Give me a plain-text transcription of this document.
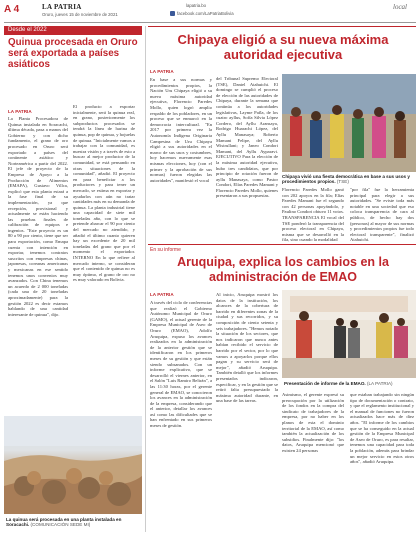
A 4	LA PATRIA
Oruro, jueves 15 de noviembre de 2021
lapatria.bo
facebook.com/LaPatriaBolivia
local
Desde el 2022
Quinua procesada en Oruro será exportada a países asiáticos
LA PATRIA
La Planta Procesadora de Quinua instalada en Soracachi, última década, pasa a manos del Gobierno y con dicho fundamento, el grano de oro procesado en Oruro será exportado a países del continente asiático y Norteamérica a partir del 2022. El jefe de proyecto de la Empresa de Apoyo a la Producción de Alimentos (EMAPA), Gustavo Villca, explicó que esta planta estará a la fase final de su implementación, ya que recepción, provisional y actualmente se están haciendo las pruebas finales de calibración de equipos e ingenios. "Este proyecto es un 80 a 90 por ciento, tiene que ser para exportación, como Emapa cuenta con intención en exportar, tenemos contratos suscritos con empresas chinas, japonesas, coreanas americanas y mexicanas en ese sentido tenemos unos convenios muy avanzados. Con China tenemos un acuerdo de 2 000 toneladas (cada una de 20 toneladas aproximadamente) para la gestión 2022 es decir estamos hablando de una cantidad interesante de quinua", dijo.
El producto a exportar inicialmente, será la quinua real, en grano, posteriormente los subproductos procesados se tendrá la línea de harina de quinua, pop de quinua, y hojuelas de quinua. "Inicialmente vamos a trabajar con la comunidad, es nuestra visión y a través de esto a buscar al mejor productor de la comunidad, se está pensando en otras situaciones de la comunidad", añadió. El proyecto en para beneficiar a los productores y para tener un mercado, se estima en exportar y ayudarlos con aún no tratar cantidades más en su demanda de quinua. La planta industrial tiene una capacidad de siete mil toneladas año, con lo que se pretende abarcar el 90 por ciento del mercado no atendido, y añadió el último cuanto quieren hay un excedente de 20 mil toneladas del grano que por el momento el exportador. INTERNO En lo que refiere al mercado interno, se consideran que el contenido de quinua no es muy óptimo, el grano de oro no es muy valorado en Bolivia.
La quinua será procesada en una planta instalada en Soracachi. (COMUNICACIÓN SEDE MI)
Chipaya eligió a su nueva máxima autoridad ejecutiva
LA PATRIA
En base a sus normas y procedimientos propios, la Nación Uru Chipaya eligió a su nueva máxima autoridad ejecutiva, Florencio Paredes Mollo, quien logró amplio respaldo de los pobladores, en un proceso que se enmarcó en la democracia intercultural. "En 2017 por primera vez la Autonomía Indígena Originaria Campesina de Uru Chipaya eligió a sus autoridades en el marco de sus usos y costumbres, hoy hacemos nuevamente esas mismas elecciones, hoy (con el primer y la aprobación de sus normas) fueron elegidas las autoridades", manifestó el vocal
del Tribunal Supremo Electoral (TSE), Daniel Atahuichi. El domingo se cumplió el proceso de elección de las autoridades de Chipaya, durante la semana que continúa a los autoridades legislativas, Layme Pafla, de los cuatro ayllus, Sofía Silvia López Cordero, del Ayllu Aransaya, Rodrigo Huarachi López, del Ayllu Manasaya; Roberto Mamani Felipe, del Ayllu Wistrullani; y Janeo Condori Mamani, del Ayllu Ayparavi. EJECUTIVO Para la elección de la máxima autoridad ejecutiva, hubo tres candidatos, que por principio de rotación fueron de ayllu Manasaya, como Pastor Condori, Elías Paredes Mamani y Florencio Paredes Mollo, quienes presentaron a sus propuestas.
Chipaya vivió una fiesta democrática en base a sus usos y procedimientos propios. (TSE)
Florencio Paredes Mollo ganó con 202 apoyos en la fila; Elías Paredes Mamani fue el segundo con 42 personas apoyándolo, y Paulino Condori obtuvo 11 votos. TRANSPARENCIA El vocal del TSE ponderó la transparencia del proceso electoral en Chipaya, misma que se desarrolló en la fila, sino cuando la modalidad
"por fila" fue la herramienta principal para elegir a sus autoridades. "Se eviste toda más notable en una sociedad que eso coloca transparencia de cara al público, de hecho hay dos (personas) al mayor de sus normas y procedimientos propios fue todo electoral transparente", finalizó Atahuichi.
En su informe
Aruquipa, explica los cambios en la administración de EMAO
LA PATRIA
A través del ciclo de conferencias que realizó el Gobierno Autónomo Municipal de Oruro (GAMO), el actual gerente de la Empresa Municipal de Aseo de Oruro (EMAO), Adolfo Aruquipa, expuso los avances realizados en la administración de la anterior gestión que se identificaron en los primeros meses de su gestión y que están siendo subsanados. Con un informe explicativo, que se desarrolló el viernes anterior, en el Salón "Luis Ramiro Beltrán", a las 11:30 horas, por el gerente general de EMAO, se conocieron los avances en la administración de la empresa, considerando que el anterior, detallar los avances así como las dificultades que se han enfrentado en sus primeros meses de gestión.
Al inicio, Aruquipa mostró los datos de la institución, los alcances de la cobertura de barrido en diferentes zonas de la ciudad y sus recorridos, y su composición de ciento setenta y seis trabajadores. "Hemos notado la situación de los sectores, que nos indicaron que nunca antes habían recibido el servicio de barrido por el sector, por lo que vamos a apoyarlos porque ellos pagan y su servicio será de mejor", añadió Aruquipa. También detalló que los informes presentados indicaron, especificar, y en la gestión que se retiró falta presupuestado la máxima autoridad durante, en una base de las tareas.
Presentación de informe de la EMAO. (LA PATRIA)
Asimismo, el gerente expresó su preocupación por la utilización de los fondos en la compra del sindicato de trabajadores de la empresa, por no haber en los planos de esta el dominio territorial de la EMAO, así como también la actualización de los subsidios. Finalmente dijo: "los datos, Aruquipa mencionó que existen 24 personas
que estaban trabajando sin ningún tipo de documentación o contrato, y que el reglamento institucional y el manual de funciones no fueron actualizados hace más de diez años. "El informe de los cambios que se ha conseguido en la actual gestión de la Empresa Municipal de Aseo de Oruro, es para resaltar, tenemos una capacidad para toda la población, además para brindar un mejor servicio en estos otros años", añadió Aruquipa.
